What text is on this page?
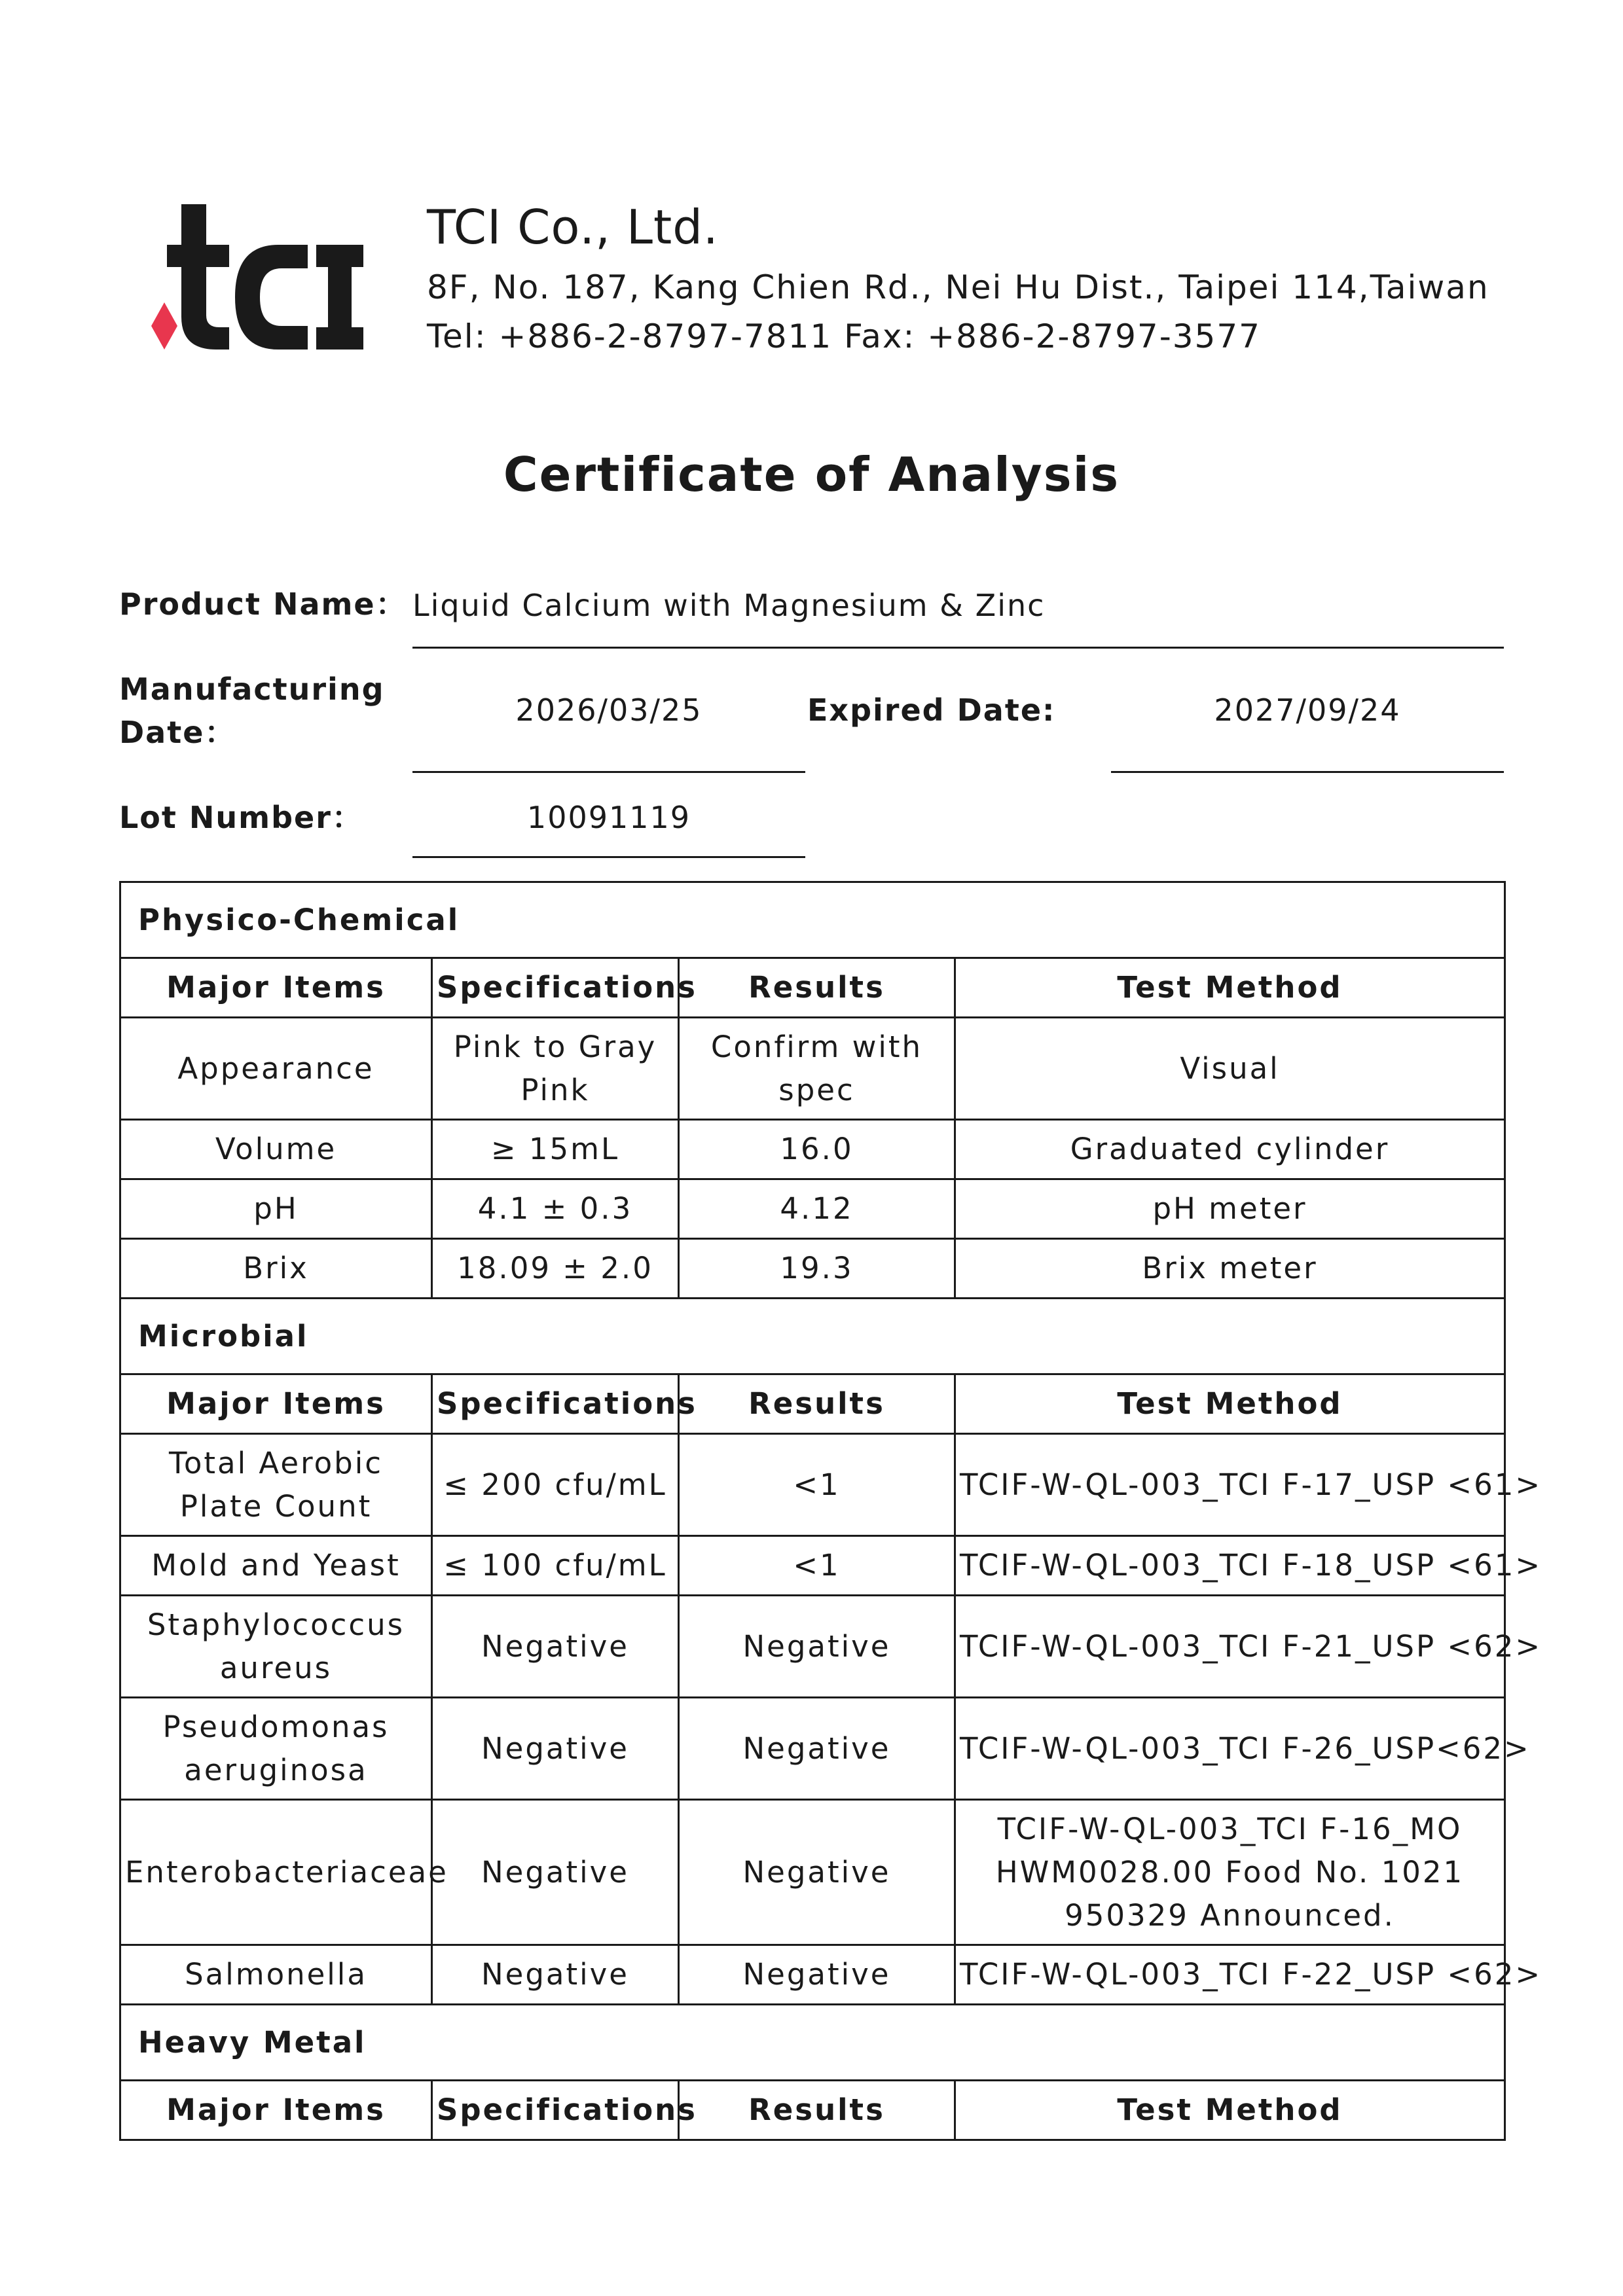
TCI Co., Ltd.
8F, No. 187, Kang Chien Rd., Nei Hu Dist., Taipei 114,Taiwan
Tel: +886-2-8797-7811 Fax: +886-2-8797-3577
Certificate of Analysis
Product Name： Liquid Calcium with Magnesium & Zinc
Manufacturing
Date：
2026/03/25	Expired Date:	2027/09/24
Lot Number：	10091119
Physico-Chemical			
Major Items	Specifications	Results	Test Method
Appearance	Pink to Gray Pink	Confirm with spec	Visual
Volume	≥ 15mL	16.0	Graduated cylinder
pH	4.1 ± 0.3	4.12	pH meter
Brix	18.09 ± 2.0	19.3	Brix meter
Microbial			
Major Items	Specifications	Results	Test Method
Total Aerobic Plate Count	≤ 200 cfu/mL	<1	TCIF-W-QL-003_TCI F-17_USP <61>
Mold and Yeast	≤ 100 cfu/mL	<1	TCIF-W-QL-003_TCI F-18_USP <61>
Staphylococcus aureus	Negative	Negative	TCIF-W-QL-003_TCI F-21_USP <62>
Pseudomonas aeruginosa	Negative	Negative	TCIF-W-QL-003_TCI F-26_USP<62>
Enterobacteriaceae	Negative	Negative	TCIF-W-QL-003_TCI F-16_MOHWM0028.00 Food No. 1021950329 Announced.
Salmonella	Negative	Negative	TCIF-W-QL-003_TCI F-22_USP <62>
Heavy Metal			
Major Items	Specifications	Results	Test Method
